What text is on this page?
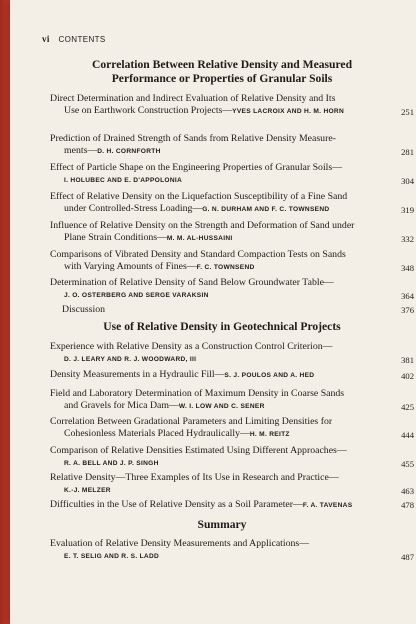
vi CONTENTS
Correlation Between Relative Density and Measured
Performance or Properties of Granular Soils
Direct Determination and Indirect Evaluation of Relative Density and Its
Use on Earthwork Construction Projects—YVES LACROIX AND H. M. HORN	251
Prediction of Drained Strength of Sands from Relative Density Measure-
ments—D. H. CORNFORTH	281
Effect of Particle Shape on the Engineering Properties of Granular Soils—
I. HOLUBEC AND E. D'APPOLONIA	304
Effect of Relative Density on the Liquefaction Susceptibility of a Fine Sand
under Controlled-Stress Loading—G. N. DURHAM AND F. C. TOWNSEND	319
Influence of Relative Density on the Strength and Deformation of Sand under
Plane Strain Conditions—M. M. AL-HUSSAINI	332
Comparisons of Vibrated Density and Standard Compaction Tests on Sands
with Varying Amounts of Fines—F. C. TOWNSEND	348
Determination of Relative Density of Sand Below Groundwater Table—
J. O. OSTERBERG AND SERGE VARAKSIN	364
Discussion	376
Use of Relative Density in Geotechnical Projects
Experience with Relative Density as a Construction Control Criterion—
D. J. LEARY AND R. J. WOODWARD, III	381
Density Measurements in a Hydraulic Fill—S. J. POULOS AND A. HED	402
Field and Laboratory Determination of Maximum Density in Coarse Sands
and Gravels for Mica Dam—W. I. LOW AND C. SENER	425
Correlation Between Gradational Parameters and Limiting Densities for
Cohesionless Materials Placed Hydraulically—H. M. REITZ	444
Comparison of Relative Densities Estimated Using Different Approaches—
R. A. BELL AND J. P. SINGH	455
Relative Density—Three Examples of Its Use in Research and Practice—
K.-J. MELZER	463
Difficulties in the Use of Relative Density as a Soil Parameter—F. A. TAVENAS	478
Summary
Evaluation of Relative Density Measurements and Applications—
E. T. SELIG AND R. S. LADD	487
